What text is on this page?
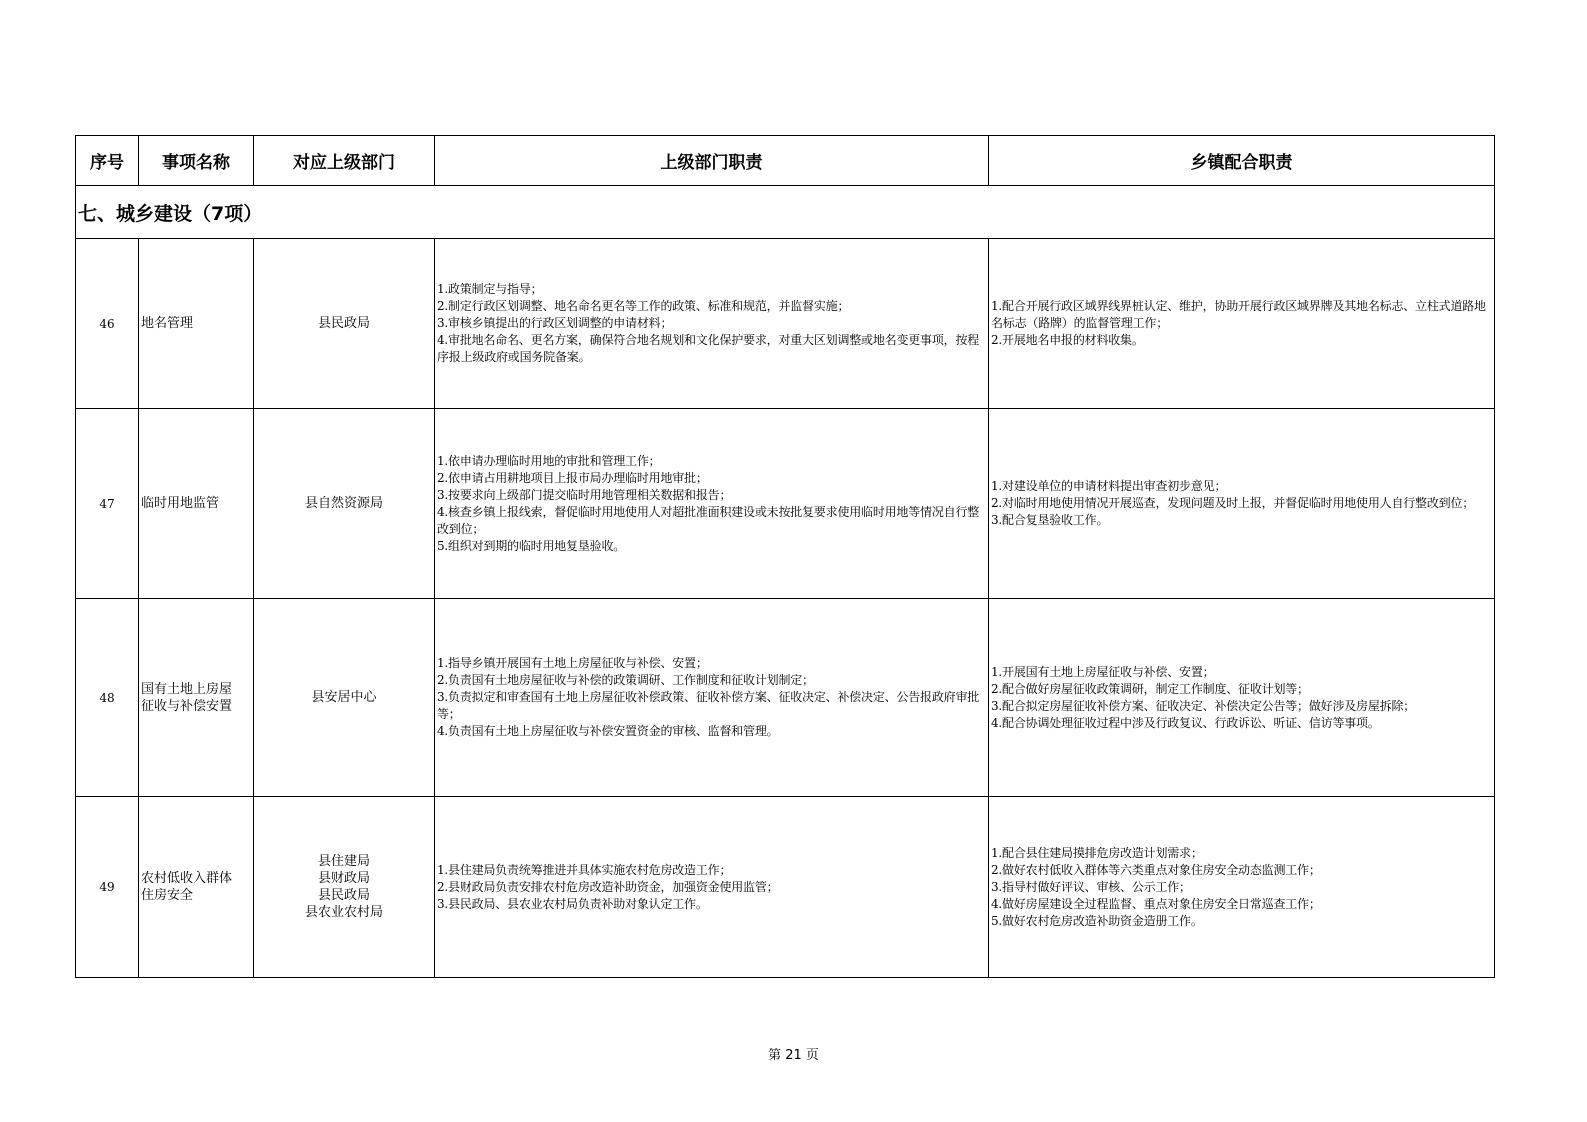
序号	事项名称	对应上级部门	上级部门职责	乡镇配合职责
七、城乡建设（7项）				
46	地名管理	县民政局	1.政策制定与指导；
2.制定行政区划调整、地名命名更名等工作的政策、标准和规范，并监督实施；
3.审核乡镇提出的行政区划调整的申请材料；
4.审批地名命名、更名方案，确保符合地名规划和文化保护要求，对重大区划调整或地名变更事项，按程序报上级政府或国务院备案。	1.配合开展行政区域界线界桩认定、维护，协助开展行政区域界牌及其地名标志、立柱式道路地名标志（路牌）的监督管理工作；
2.开展地名申报的材料收集。

47	临时用地监管	县自然资源局	1.依申请办理临时用地的审批和管理工作；
2.依申请占用耕地项目上报市局办理临时用地审批；
3.按要求向上级部门提交临时用地管理相关数据和报告；
4.核查乡镇上报线索，督促临时用地使用人对超批准面积建设或未按批复要求使用临时用地等情况自行整改到位；
5.组织对到期的临时用地复垦验收。	1.对建设单位的申请材料提出审查初步意见；
2.对临时用地使用情况开展巡查，发现问题及时上报，并督促临时用地使用人自行整改到位；
3.配合复垦验收工作。

48	国有土地上房屋
征收与补偿安置	县安居中心	1.指导乡镇开展国有土地上房屋征收与补偿、安置；
2.负责国有土地房屋征收与补偿的政策调研、工作制度和征收计划制定；
3.负责拟定和审查国有土地上房屋征收补偿政策、征收补偿方案、征收决定、补偿决定、公告报政府审批等；
4.负责国有土地上房屋征收与补偿安置资金的审核、监督和管理。	1.开展国有土地上房屋征收与补偿、安置；
2.配合做好房屋征收政策调研，制定工作制度、征收计划等；
3.配合拟定房屋征收补偿方案、征收决定、补偿决定公告等；做好涉及房屋拆除；
4.配合协调处理征收过程中涉及行政复议、行政诉讼、听证、信访等事项。

49	农村低收入群体
住房安全	县住建局
县财政局
县民政局
县农业农村局	1.县住建局负责统筹推进并具体实施农村危房改造工作；
2.县财政局负责安排农村危房改造补助资金，加强资金使用监管；
3.县民政局、县农业农村局负责补助对象认定工作。	1.配合县住建局摸排危房改造计划需求；
2.做好农村低收入群体等六类重点对象住房安全动态监测工作；
3.指导村做好评议、审核、公示工作；
4.做好房屋建设全过程监督、重点对象住房安全日常巡查工作；
5.做好农村危房改造补助资金造册工作。
第 21 页
